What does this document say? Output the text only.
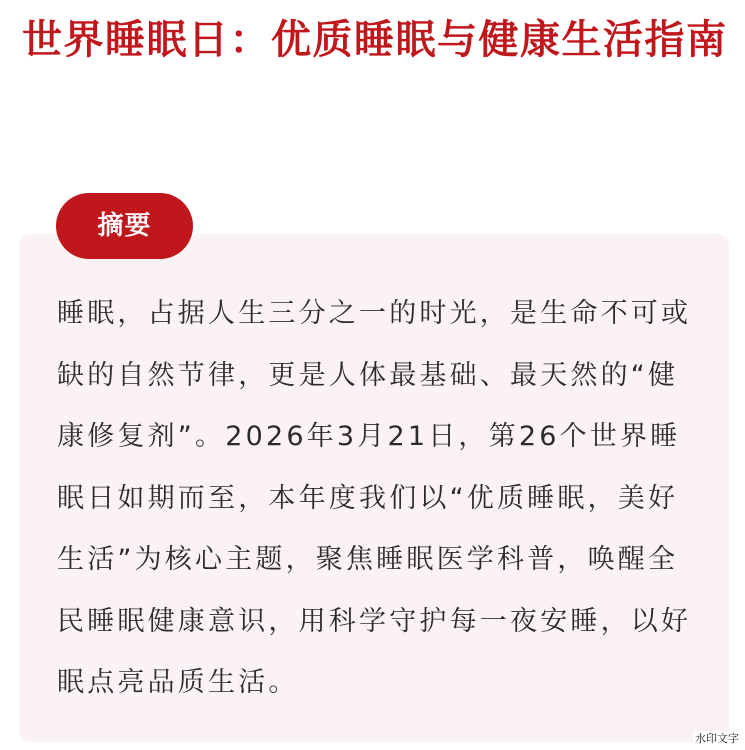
世界睡眠日：优质睡眠与健康生活指南
摘要

睡眠，占据人生三分之一的时光，是生命不可或缺的自然节律，更是人体最基础、最天然的“健康修复剂”。2026年3月21日，第26个世界睡眠日如期而至，本年度我们以“优质睡眠，美好生活”为核心主题，聚焦睡眠医学科普，唤醒全民睡眠健康意识，用科学守护每一夜安睡，以好眠点亮品质生活。

水印文字
